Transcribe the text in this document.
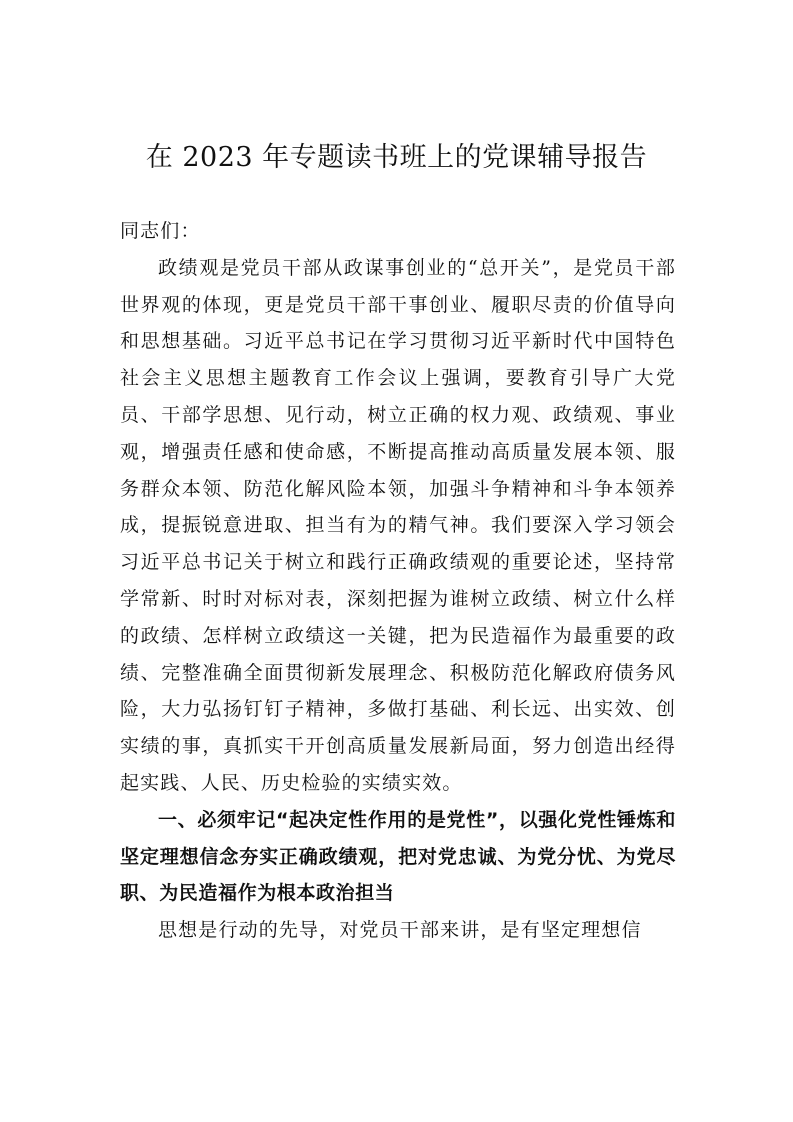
在 2023 年专题读书班上的党课辅导报告

同志们：

政绩观是党员干部从政谋事创业的“总开关”，是党员干部世界观的体现，更是党员干部干事创业、履职尽责的价值导向和思想基础。习近平总书记在学习贯彻习近平新时代中国特色社会主义思想主题教育工作会议上强调，要教育引导广大党员、干部学思想、见行动，树立正确的权力观、政绩观、事业观，增强责任感和使命感，不断提高推动高质量发展本领、服务群众本领、防范化解风险本领，加强斗争精神和斗争本领养成，提振锐意进取、担当有为的精气神。我们要深入学习领会习近平总书记关于树立和践行正确政绩观的重要论述，坚持常学常新、时时对标对表，深刻把握为谁树立政绩、树立什么样的政绩、怎样树立政绩这一关键，把为民造福作为最重要的政绩、完整准确全面贯彻新发展理念、积极防范化解政府债务风险，大力弘扬钉钉子精神，多做打基础、利长远、出实效、创实绩的事，真抓实干开创高质量发展新局面，努力创造出经得起实践、人民、历史检验的实绩实效。

一、必须牢记“起决定性作用的是党性”，以强化党性锤炼和坚定理想信念夯实正确政绩观，把对党忠诚、为党分忧、为党尽职、为民造福作为根本政治担当

思想是行动的先导，对党员干部来讲，是有坚定理想信
